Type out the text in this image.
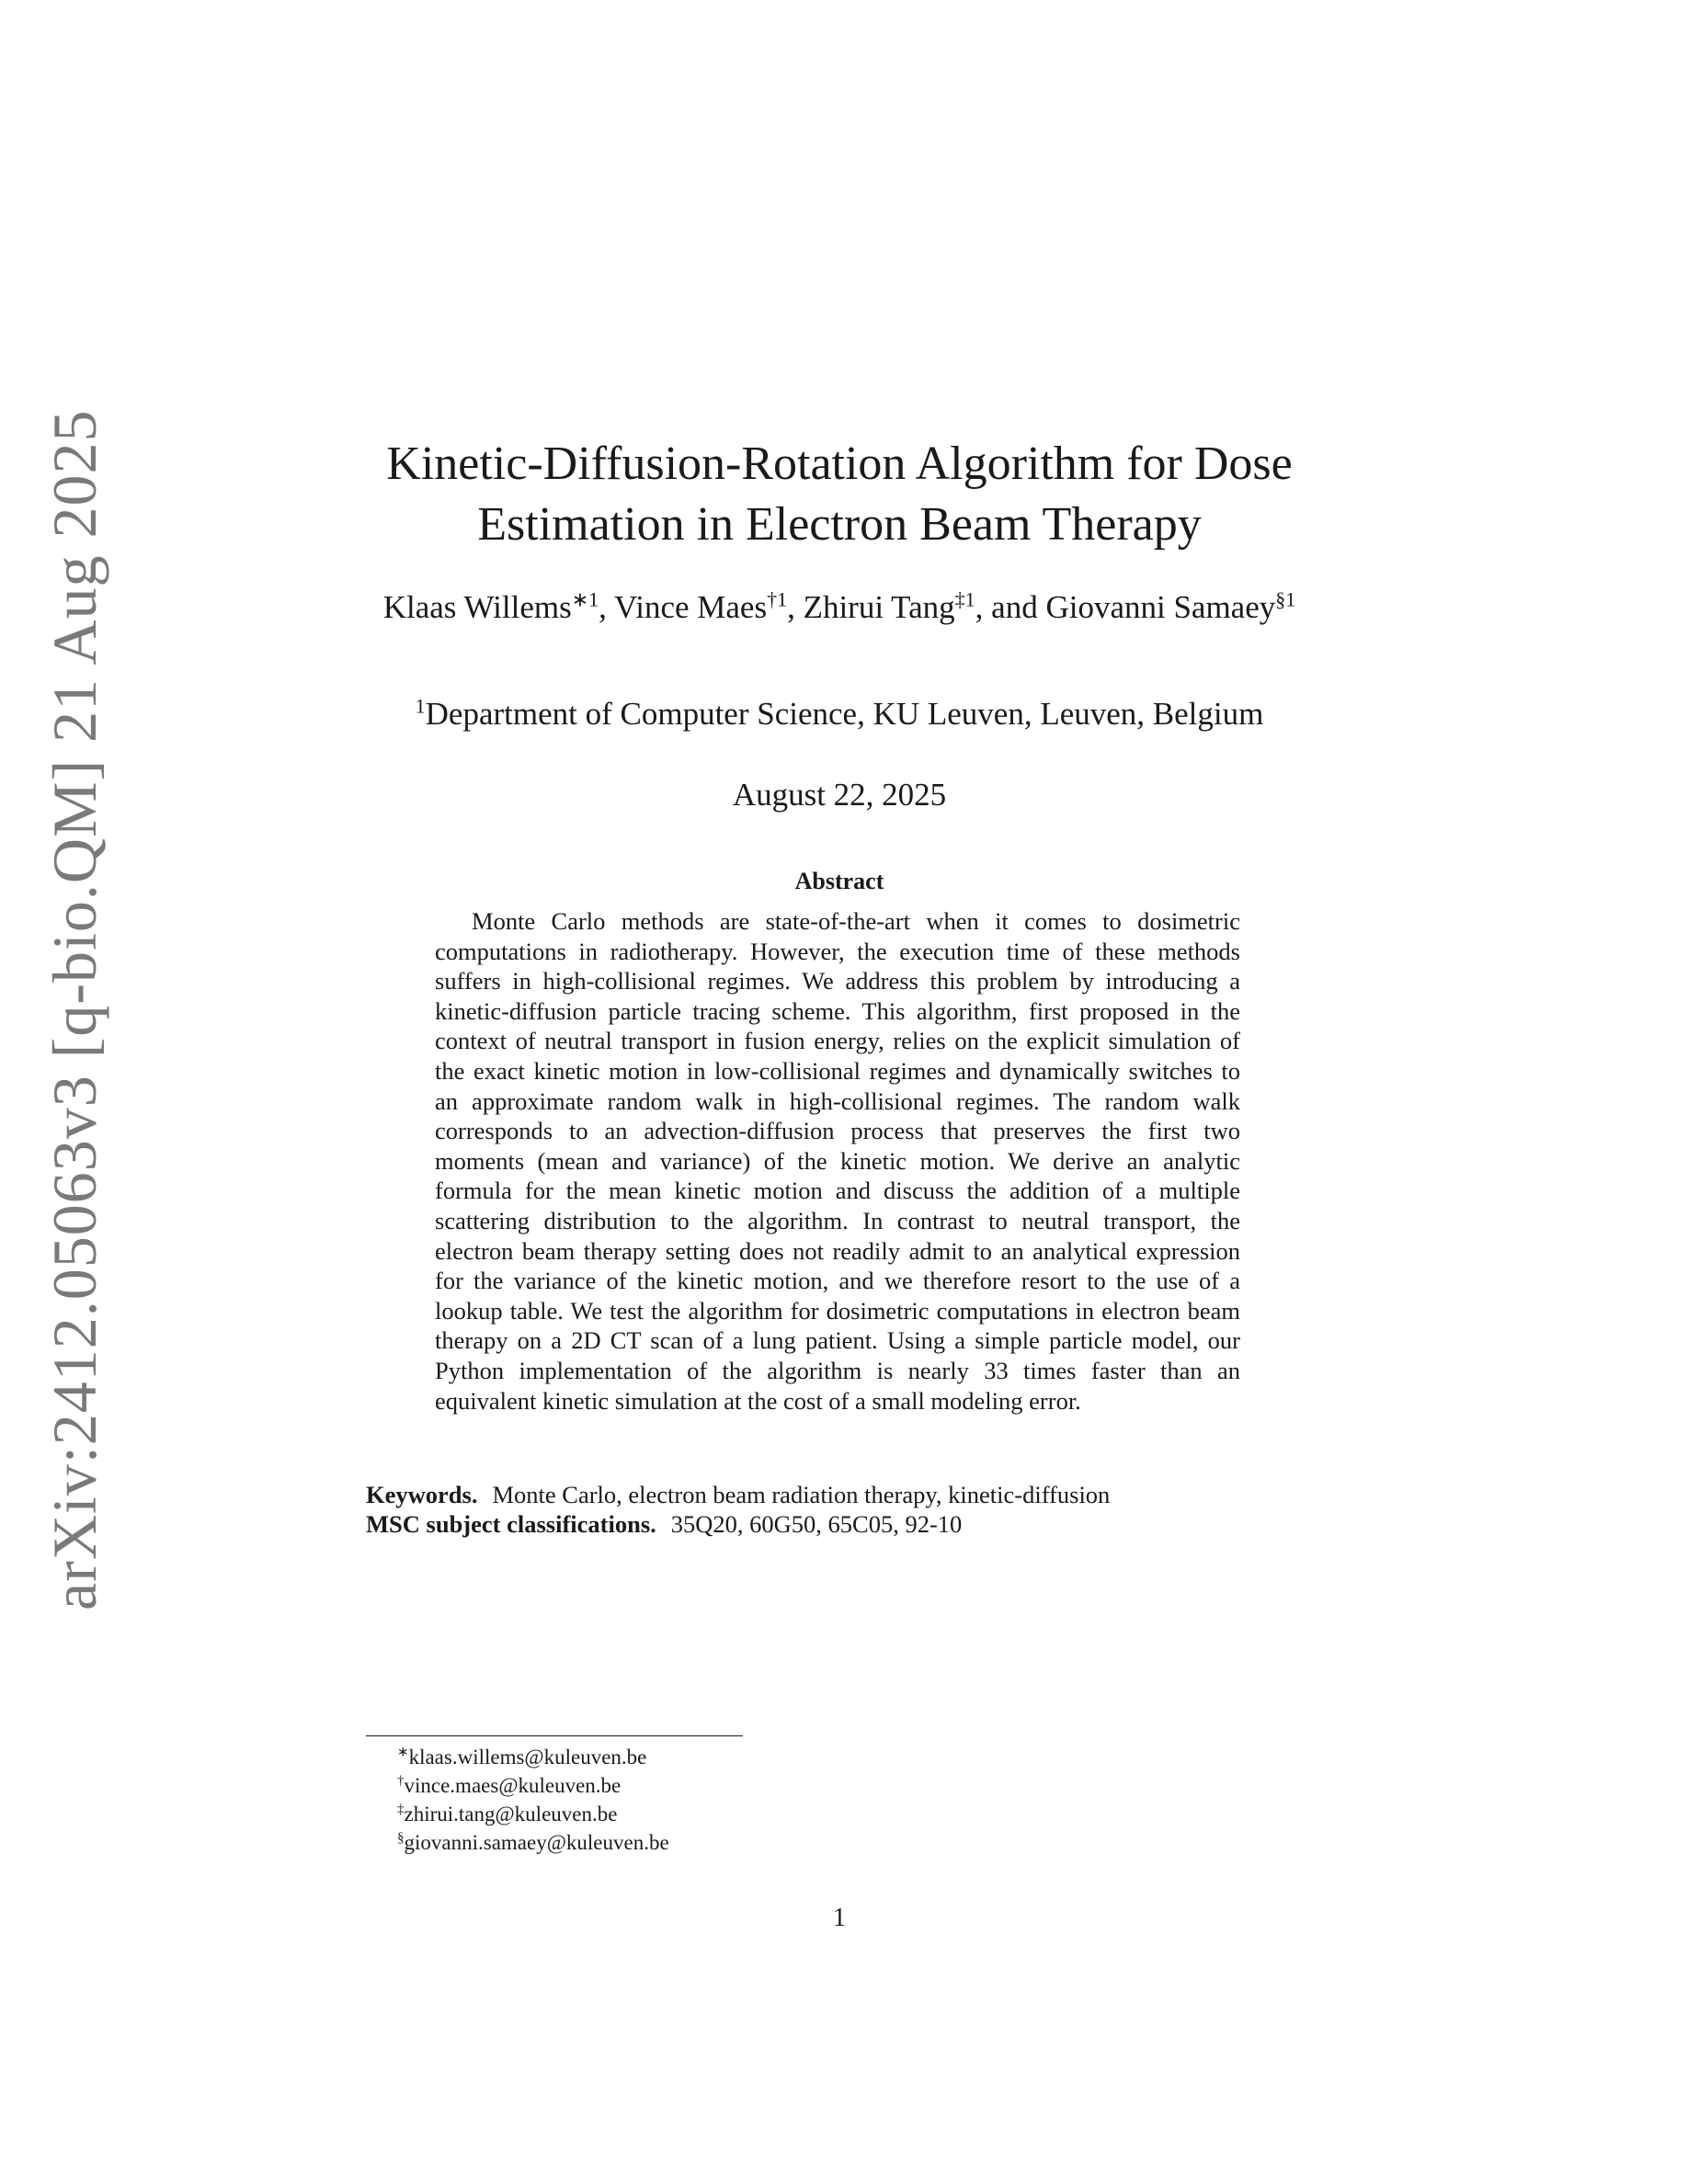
arXiv:2412.05063v3 [q-bio.QM] 21 Aug 2025	Kinetic-Diffusion-Rotation Algorithm for Dose
Estimation in Electron Beam Therapy
Klaas Willems$^{∗1}$, Vince Maes$^{\dagger 1}$, Zhirui Tang$^{\ddagger 1}$, and Giovanni Samaey$^{\S 1}$
$^1$Department of Computer Science, KU Leuven, Leuven, Belgium
August 22, 2025
Abstract
Monte Carlo methods are state-of-the-art when it comes to dosimetric computations in radiotherapy. However, the execution time of these methods suffers in high-collisional regimes. We address this problem by introducing a kinetic-diffusion particle tracing scheme. This algorithm, first proposed in the context of neutral transport in fusion energy, relies on the explicit simulation of the exact kinetic motion in low-collisional regimes and dynamically switches to an approximate random walk in high-collisional regimes. The random walk corresponds to an advection-diffusion process that preserves the first two moments (mean and variance) of the kinetic motion. We derive an analytic formula for the mean kinetic motion and discuss the addition of a multiple scattering distribution to the algorithm. In contrast to neutral transport, the electron beam therapy setting does not readily admit to an analytical expression for the variance of the kinetic motion, and we therefore resort to the use of a lookup table. We test the algorithm for dosimetric computations in electron beam therapy on a 2D CT scan of a lung patient. Using a simple particle model, our Python implementation of the algorithm is nearly 33 times faster than an equivalent kinetic simulation at the cost of a small modeling error.
Keywords. Monte Carlo, electron beam radiation therapy, kinetic-diffusion
MSC subject classifications. 35Q20, 60G50, 65C05, 92-10
∗klaas.willems@kuleuven.be
†vince.maes@kuleuven.be
‡zhirui.tang@kuleuven.be
§giovanni.samaey@kuleuven.be
1
